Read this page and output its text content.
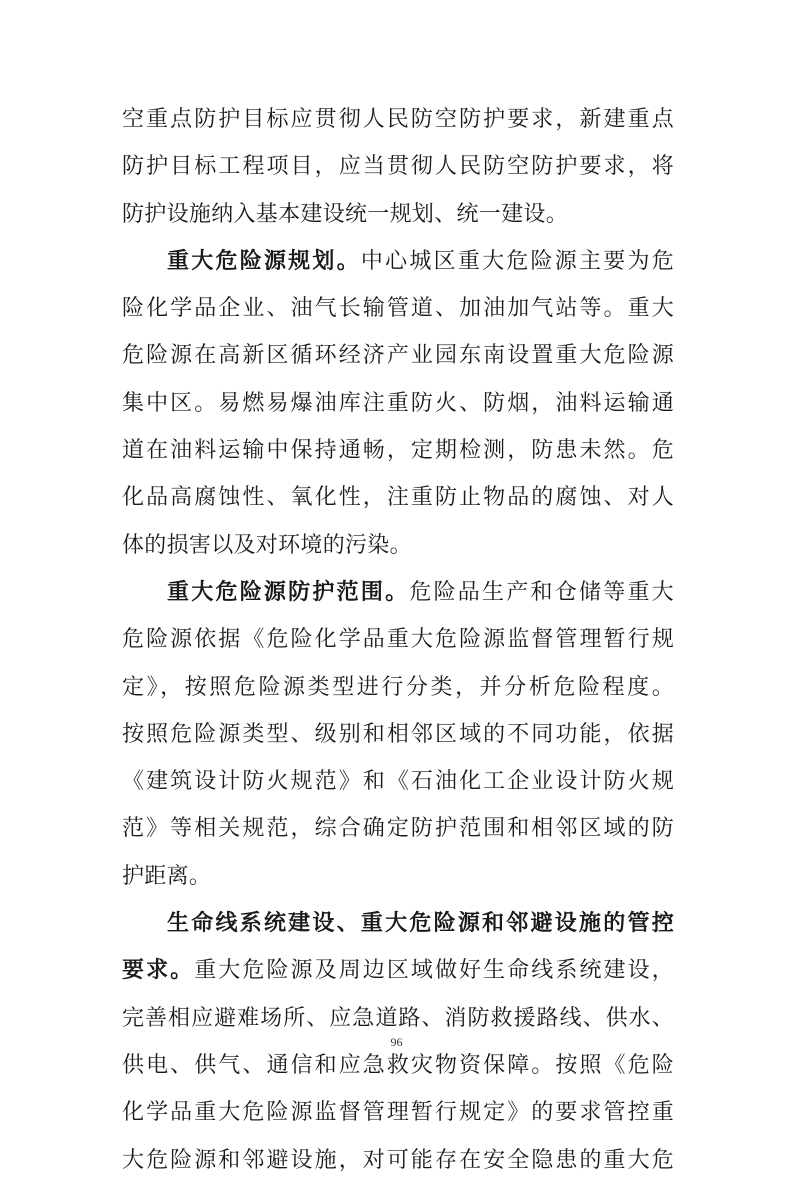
空重点防护目标应贯彻人民防空防护要求，新建重点
防护目标工程项目，应当贯彻人民防空防护要求，将
防护设施纳入基本建设统一规划、统一建设。
重大危险源规划。中心城区重大危险源主要为危
险化学品企业、油气长输管道、加油加气站等。重大
危险源在高新区循环经济产业园东南设置重大危险源
集中区。易燃易爆油库注重防火、防烟，油料运输通
道在油料运输中保持通畅，定期检测，防患未然。危
化品高腐蚀性、氧化性，注重防止物品的腐蚀、对人
体的损害以及对环境的污染。
重大危险源防护范围。危险品生产和仓储等重大
危险源依据《危险化学品重大危险源监督管理暂行规
定》，按照危险源类型进行分类，并分析危险程度。
按照危险源类型、级别和相邻区域的不同功能，依据
《建筑设计防火规范》和《石油化工企业设计防火规
范》等相关规范，综合确定防护范围和相邻区域的防
护距离。
生命线系统建设、重大危险源和邻避设施的管控
要求。重大危险源及周边区域做好生命线系统建设，
完善相应避难场所、应急道路、消防救援路线、供水、
供电、供气、通信和应急救灾物资保障。按照《危险
化学品重大危险源监督管理暂行规定》的要求管控重
大危险源和邻避设施，对可能存在安全隐患的重大危
96
